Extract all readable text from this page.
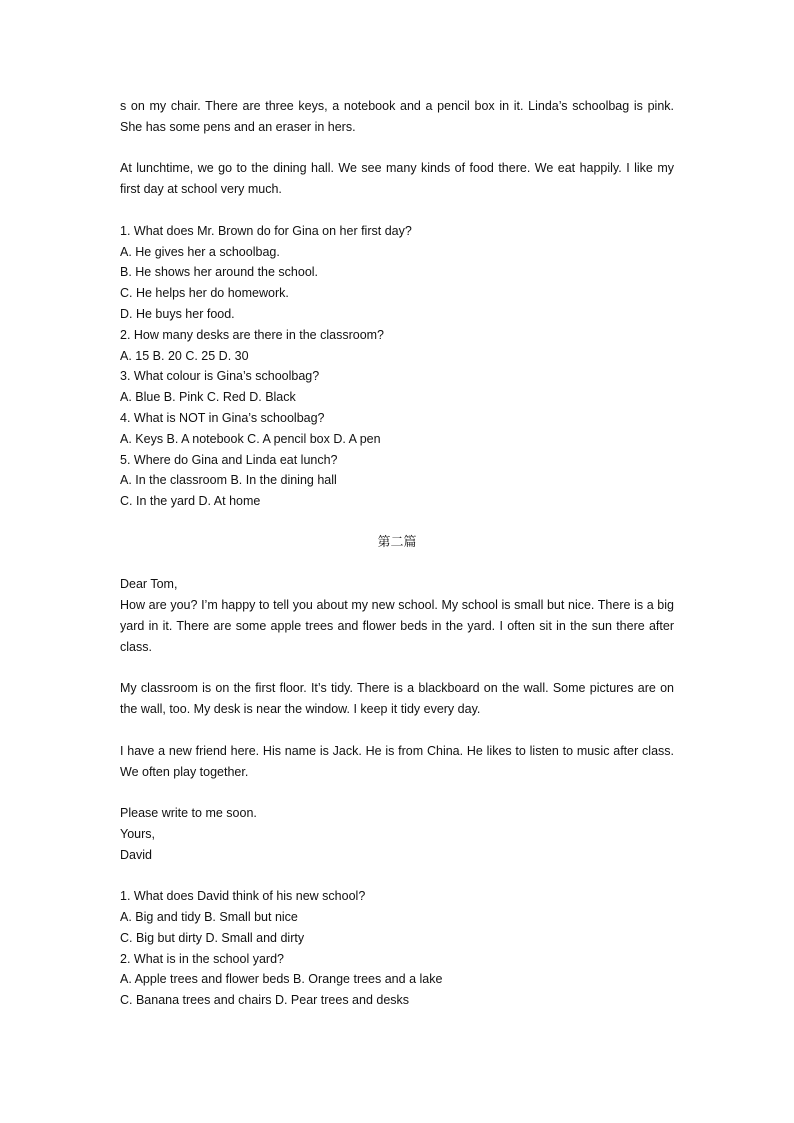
s on my chair. There are three keys, a notebook and a pencil box in it. Linda’s schoolbag is pink. She has some pens and an eraser in hers.

At lunchtime, we go to the dining hall. We see many kinds of food there. We eat happily. I like my first day at school very much.

1. What does Mr. Brown do for Gina on her first day?

A. He gives her a schoolbag.

B. He shows her around the school.

C. He helps her do homework.

D. He buys her food.

2. How many desks are there in the classroom?

A. 15 B. 20 C. 25 D. 30

3. What colour is Gina’s schoolbag?

A. Blue B. Pink C. Red D. Black

4. What is NOT in Gina’s schoolbag?

A. Keys B. A notebook C. A pencil box D. A pen

5. Where do Gina and Linda eat lunch?

A. In the classroom B. In the dining hall

C. In the yard D. At home

第二篇

Dear Tom,

How are you? I’m happy to tell you about my new school. My school is small but nice. There is a big yard in it. There are some apple trees and flower beds in the yard. I often sit in the sun there after class.

My classroom is on the first floor. It’s tidy. There is a blackboard on the wall. Some pictures are on the wall, too. My desk is near the window. I keep it tidy every day.

I have a new friend here. His name is Jack. He is from China. He likes to listen to music after class. We often play together.

Please write to me soon.

Yours,

David

1. What does David think of his new school?

A. Big and tidy B. Small but nice

C. Big but dirty D. Small and dirty

2. What is in the school yard?

A. Apple trees and flower beds B. Orange trees and a lake

C. Banana trees and chairs D. Pear trees and desks
